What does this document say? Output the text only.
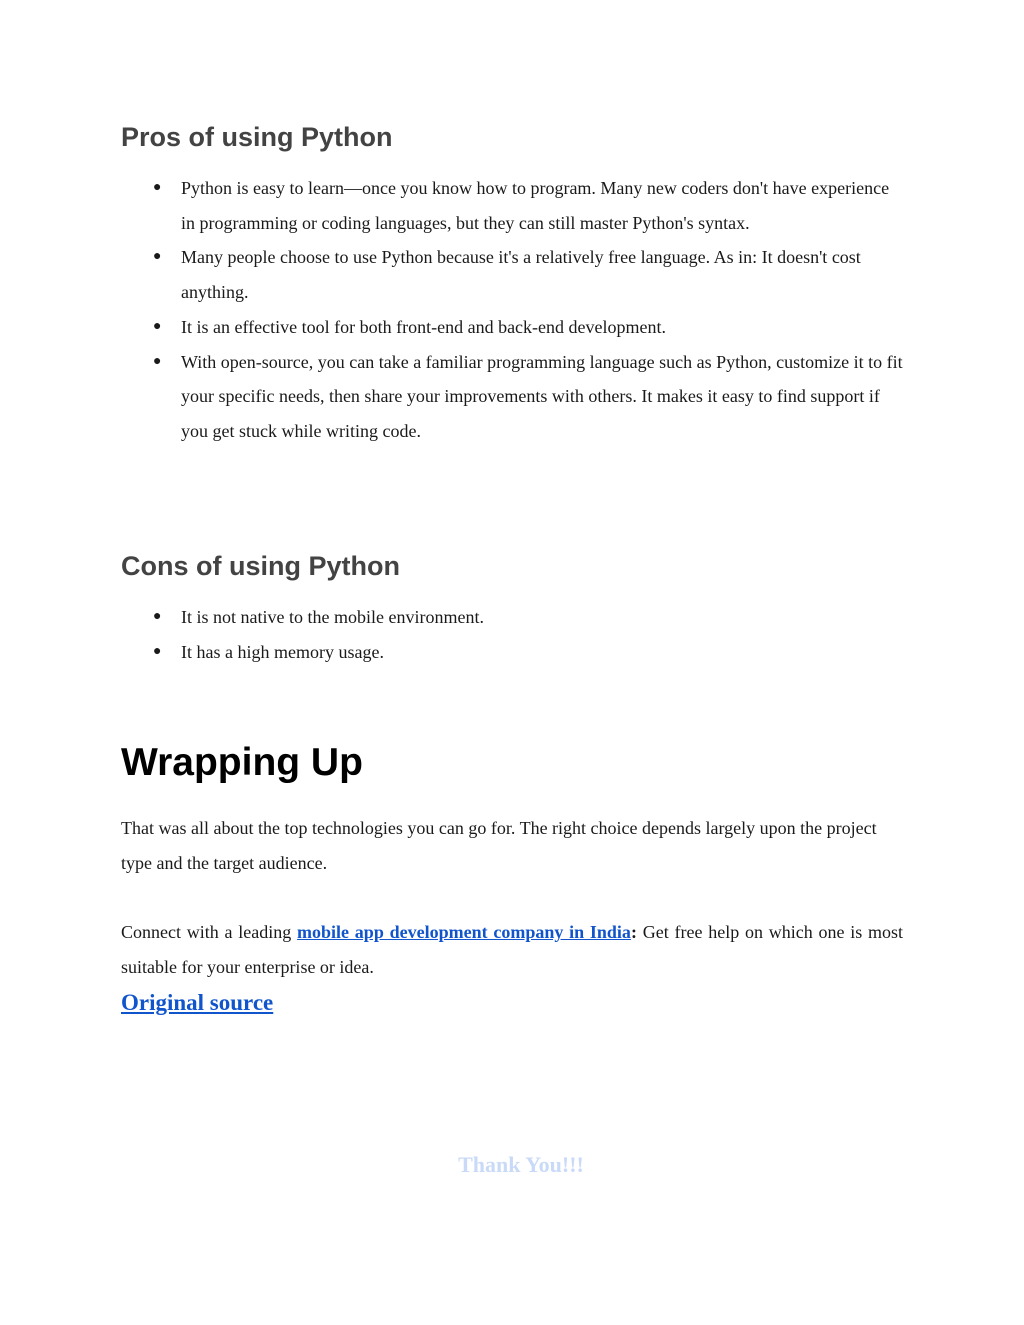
Pros of using Python
● Python is easy to learn—once you know how to program. Many new coders don't have experience in programming or coding languages, but they can still master Python's syntax.
● Many people choose to use Python because it's a relatively free language. As in: It doesn't cost anything.
● It is an effective tool for both front-end and back-end development.
● With open-source, you can take a familiar programming language such as Python, customize it to fit your specific needs, then share your improvements with others. It makes it easy to find support if you get stuck while writing code.
Cons of using Python
● It is not native to the mobile environment.
● It has a high memory usage.
Wrapping Up

That was all about the top technologies you can go for. The right choice depends largely upon the project type and the target audience.

Connect with a leading mobile app development company in India: Get free help on which one is most suitable for your enterprise or idea.

Original source
Thank You!!!
